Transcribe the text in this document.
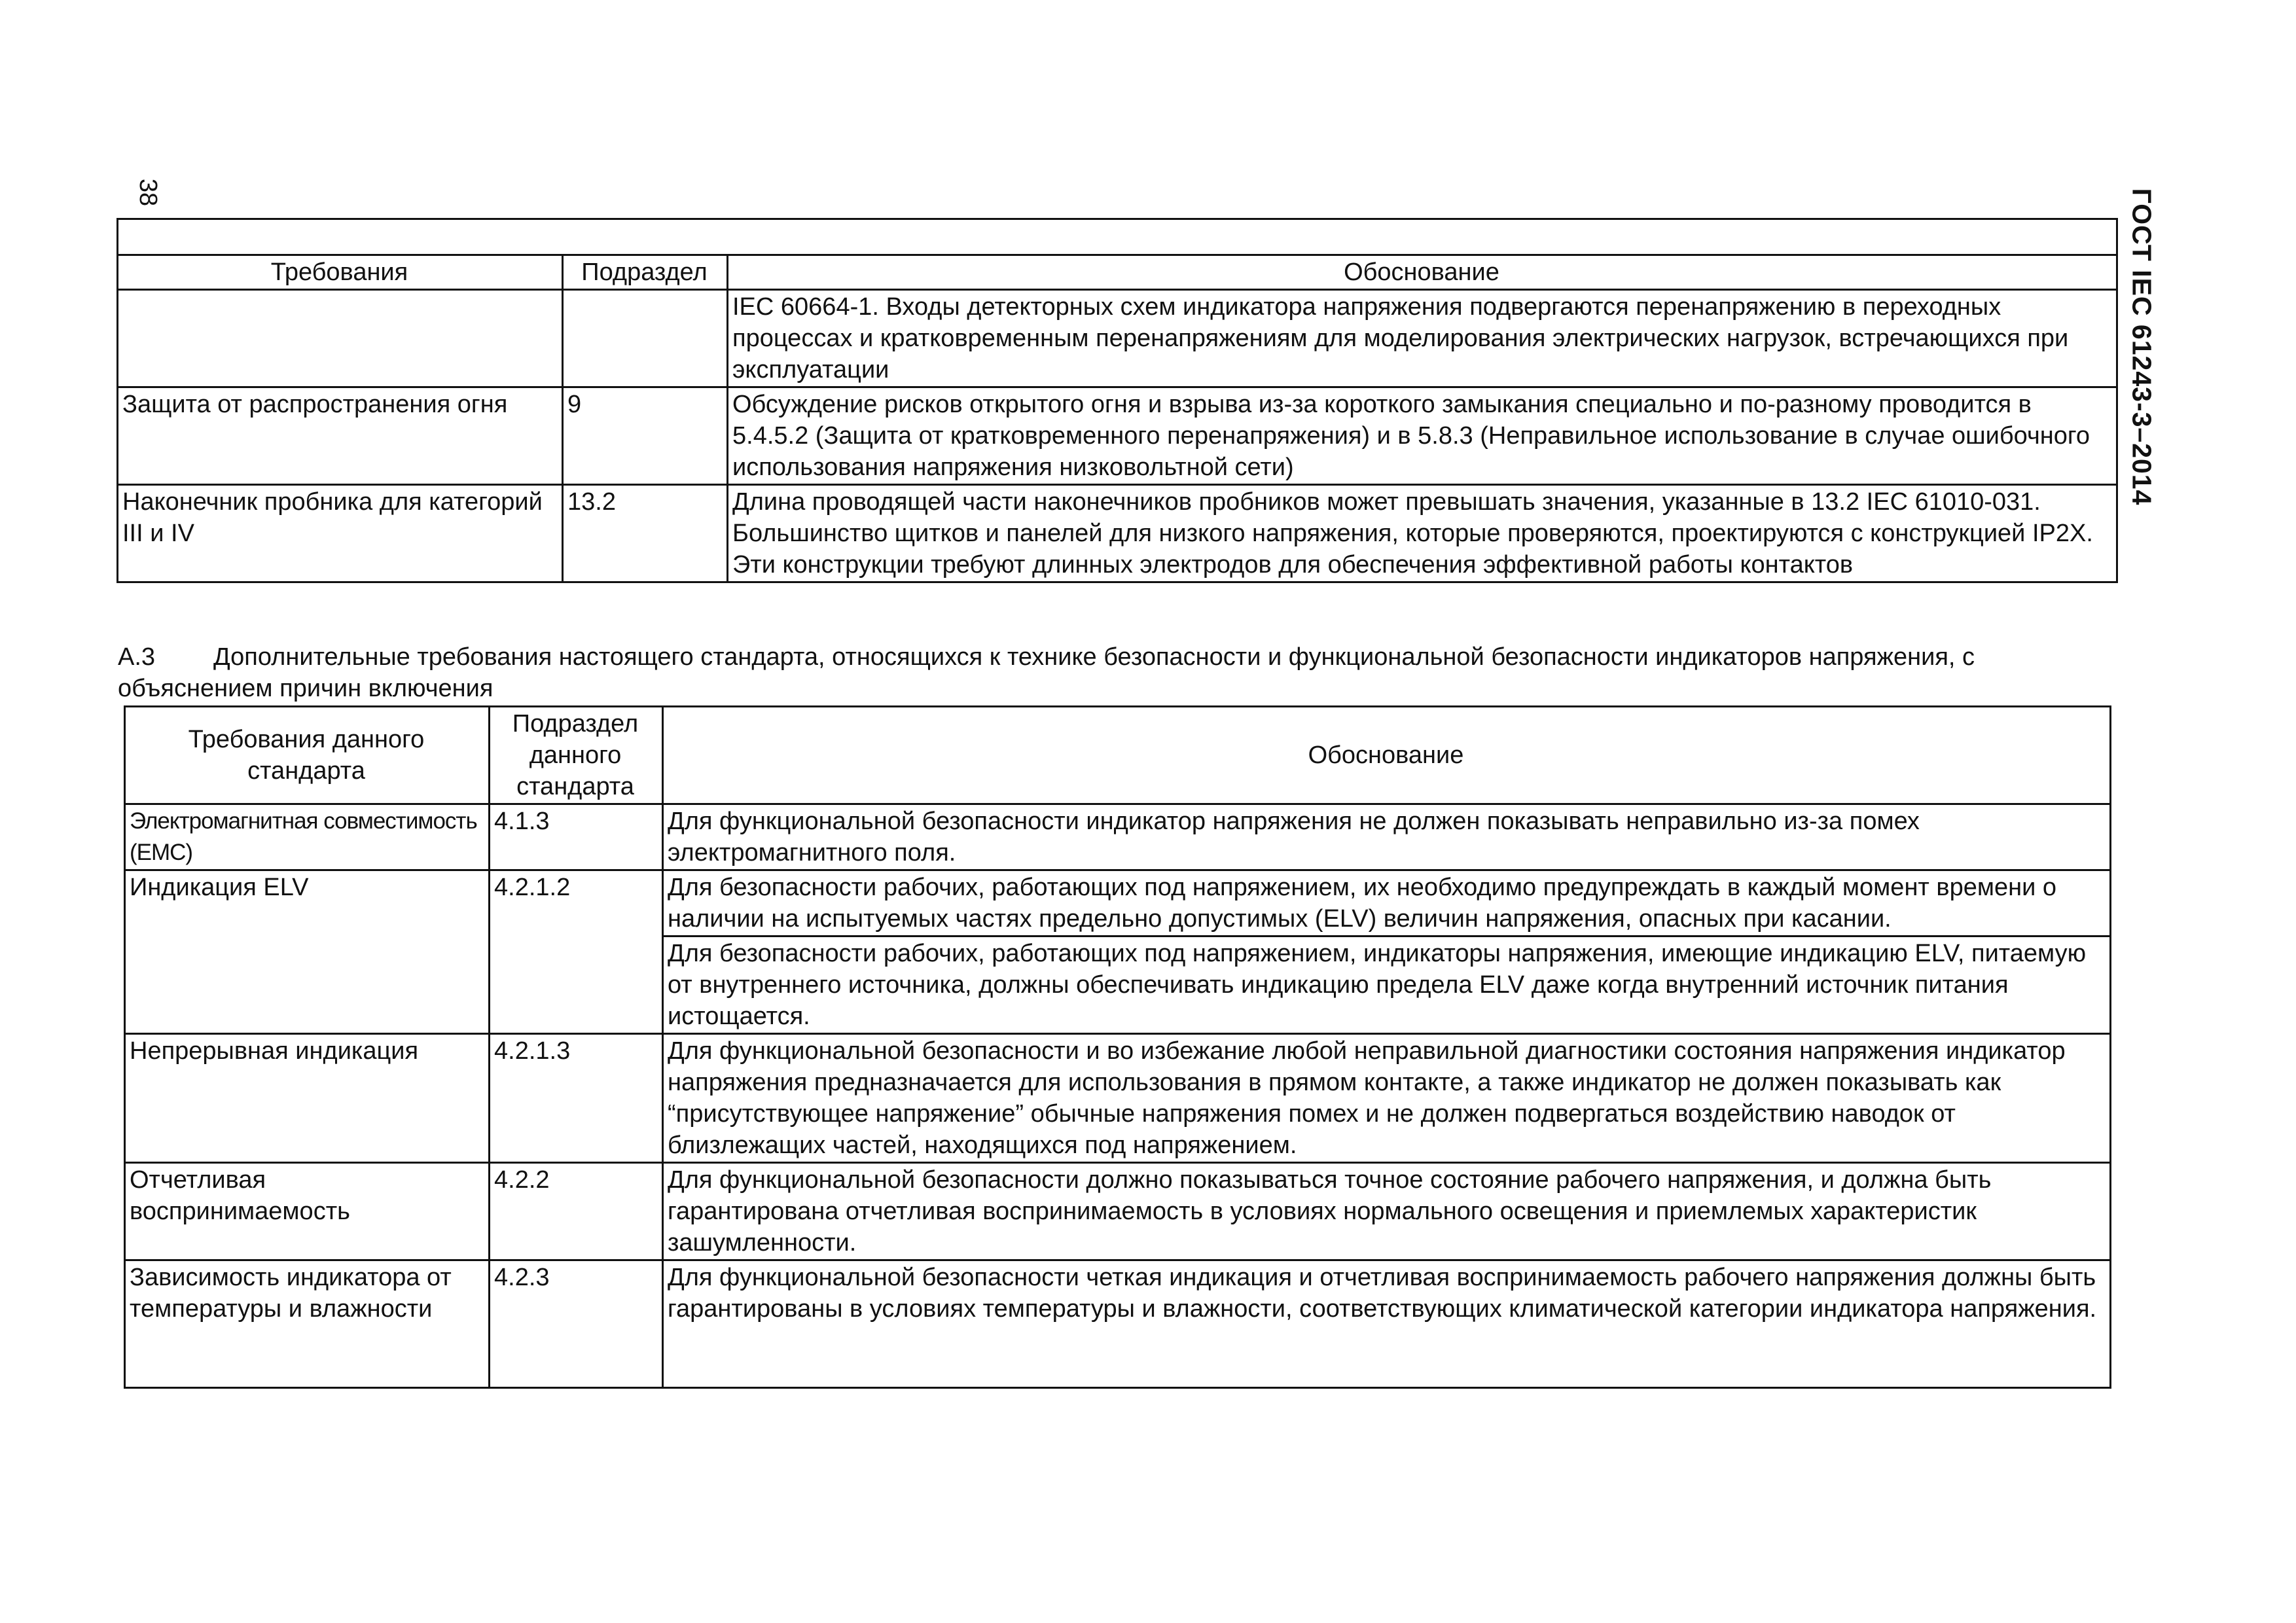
38	ГОСТ IEC 61243-3–2014

Требования	Подраздел	Обоснование
		IEC 60664-1. Входы детекторных схем индикатора напряжения подвергаются перенапряжению в переходных процессах и кратковременным перенапряжениям для моделирования электрических нагрузок, встречающихся при эксплуатации
Защита от распространения огня	9	Обсуждение рисков открытого огня и взрыва из-за короткого замыкания специально и по-разному проводится в 5.4.5.2 (Защита от кратковременного перенапряжения) и в 5.8.3 (Неправильное использование в случае ошибочного использования напряжения низковольтной сети)
Наконечник пробника для категорий III и IV	13.2	Длина проводящей части наконечников пробников может превышать значения, указанные в 13.2 IEC 61010-031. Большинство щитков и панелей для низкого напряжения, которые проверяются, проектируются с конструкцией IP2X. Эти конструкции требуют длинных электродов для обеспечения эффективной работы контактов
А.3 Дополнительные требования настоящего стандарта, относящихся к технике безопасности и функциональной безопасности индикаторов напряжения, с объяснением причин включения
Требования данного стандарта	Подраздел данного стандарта	Обоснование
Электромагнитная совместимость (ЕМС)	4.1.3	Для функциональной безопасности индикатор напряжения не должен показывать неправильно из-за помех электромагнитного поля.
Индикация ELV	4.2.1.2	Для безопасности рабочих, работающих под напряжением, их необходимо предупреждать в каждый момент времени о наличии на испытуемых частях предельно допустимых (ELV) величин напряжения, опасных при касании.
		Для безопасности рабочих, работающих под напряжением, индикаторы напряжения, имеющие индикацию ELV, питаемую от внутреннего источника, должны обеспечивать индикацию предела ELV даже когда внутренний источник питания истощается.
Непрерывная индикация	4.2.1.3	Для функциональной безопасности и во избежание любой неправильной диагностики состояния напряжения индикатор напряжения предназначается для использования в прямом контакте, а также индикатор не должен показывать как “присутствующее напряжение” обычные напряжения помех и не должен подвергаться воздействию наводок от близлежащих частей, находящихся под напряжением.
Отчетливая воспринимаемость	4.2.2	Для функциональной безопасности должно показываться точное состояние рабочего напряжения, и должна быть гарантирована отчетливая воспринимаемость в условиях нормального освещения и приемлемых характеристик зашумленности.
Зависимость индикатора от температуры и влажности	4.2.3	Для функциональной безопасности четкая индикация и отчетливая воспринимаемость рабочего напряжения должны быть гарантированы в условиях температуры и влажности, соответствующих климатической категории индикатора напряжения.
